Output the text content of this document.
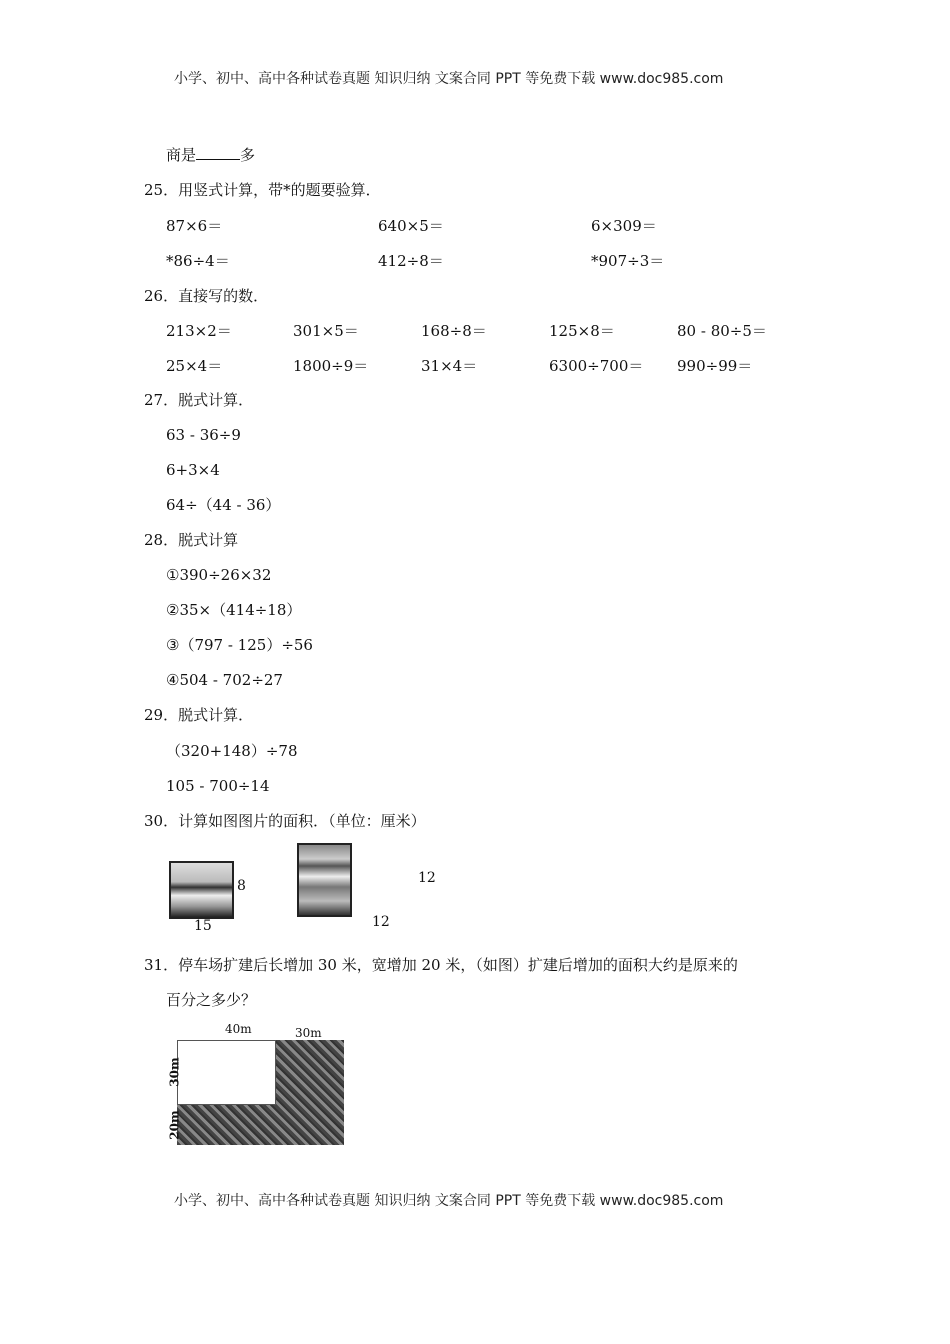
小学、初中、高中各种试卷真题 知识归纳 文案合同 PPT 等免费下载 www.doc985.com
商是	多
25．用竖式计算，带*的题要验算．
87×6＝	640×5＝	6×309＝
*86÷4＝	412÷8＝	*907÷3＝
26．直接写的数．
213×2＝	301×5＝	168÷8＝	125×8＝	80 - 80÷5＝
25×4＝	1800÷9＝	31×4＝	6300÷700＝ 990÷99＝
27．脱式计算．
63 - 36÷9
6+3×4
64÷（44 - 36）
28．脱式计算
①390÷26×32
②35×（414÷18）
③（797 - 125）÷56
④504 - 702÷27
29．脱式计算．
（320+148）÷78
105 - 700÷14
30．计算如图图片的面积．（单位：厘米）
8
15
12
12
31．停车场扩建后长增加 30 米，宽增加 20 米，（如图）扩建后增加的面积大约是原来的
百分之多少？
40m	30m
30m
20m
小学、初中、高中各种试卷真题 知识归纳 文案合同 PPT 等免费下载 www.doc985.com
